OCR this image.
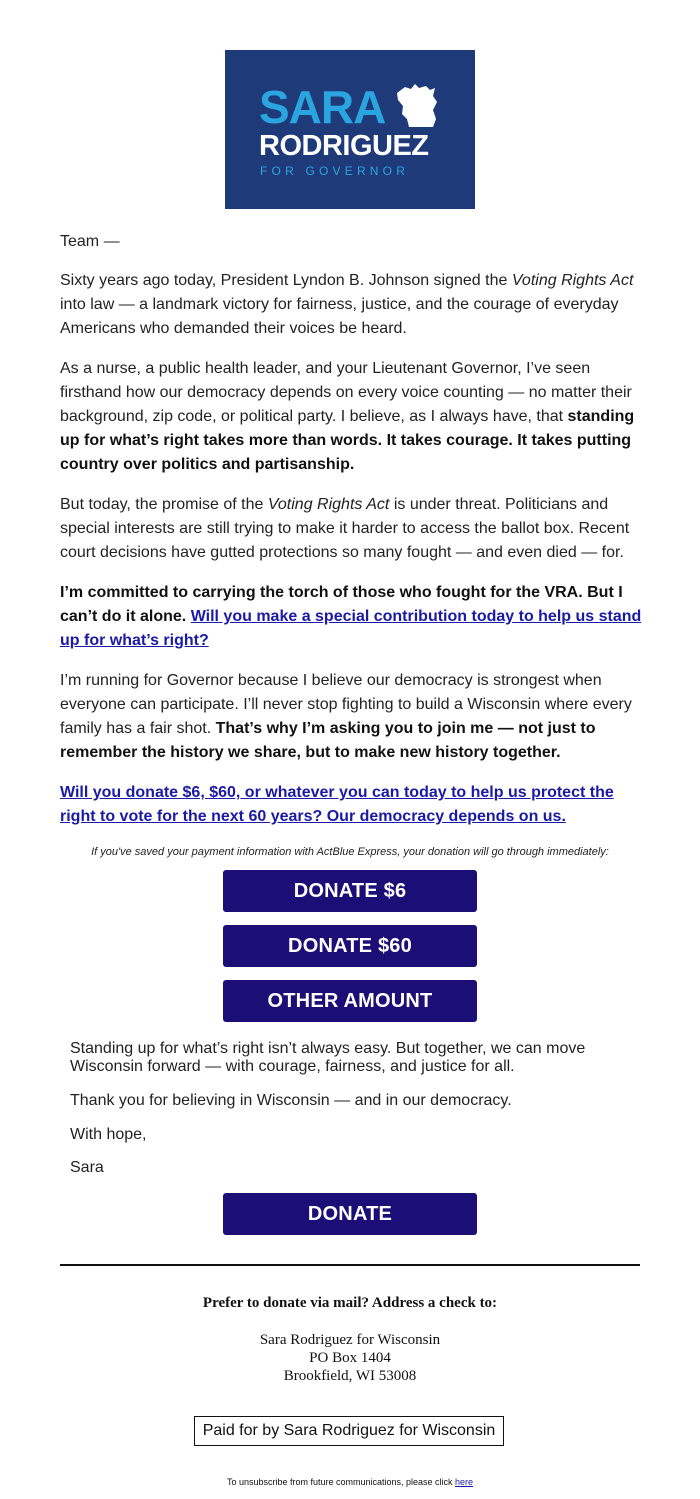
SARA
RODRIGUEZ
FOR GOVERNOR

Team —

Sixty years ago today, President Lyndon B. Johnson signed the Voting Rights Act into law — a landmark victory for fairness, justice, and the courage of everyday Americans who demanded their voices be heard.

As a nurse, a public health leader, and your Lieutenant Governor, I’ve seen firsthand how our democracy depends on every voice counting — no matter their background, zip code, or political party. I believe, as I always have, that standing up for what’s right takes more than words. It takes courage. It takes putting country over politics and partisanship.

But today, the promise of the Voting Rights Act is under threat. Politicians and special interests are still trying to make it harder to access the ballot box. Recent court decisions have gutted protections so many fought — and even died — for.

I’m committed to carrying the torch of those who fought for the VRA. But I can’t do it alone. Will you make a special contribution today to help us stand up for what’s right?

I’m running for Governor because I believe our democracy is strongest when everyone can participate. I’ll never stop fighting to build a Wisconsin where every family has a fair shot. That’s why I’m asking you to join me — not just to remember the history we share, but to make new history together.

Will you donate $6, $60, or whatever you can today to help us protect the right to vote for the next 60 years? Our democracy depends on us.

If you've saved your payment information with ActBlue Express, your donation will go through immediately:
DONATE $6
DONATE $60
OTHER AMOUNT

Standing up for what’s right isn’t always easy. But together, we can move Wisconsin forward — with courage, fairness, and justice for all.

Thank you for believing in Wisconsin — and in our democracy.

With hope,

Sara

DONATE
Prefer to donate via mail? Address a check to:
Sara Rodriguez for Wisconsin
PO Box 1404
Brookfield, WI 53008
Paid for by Sara Rodriguez for Wisconsin
To unsubscribe from future communications, please click here
